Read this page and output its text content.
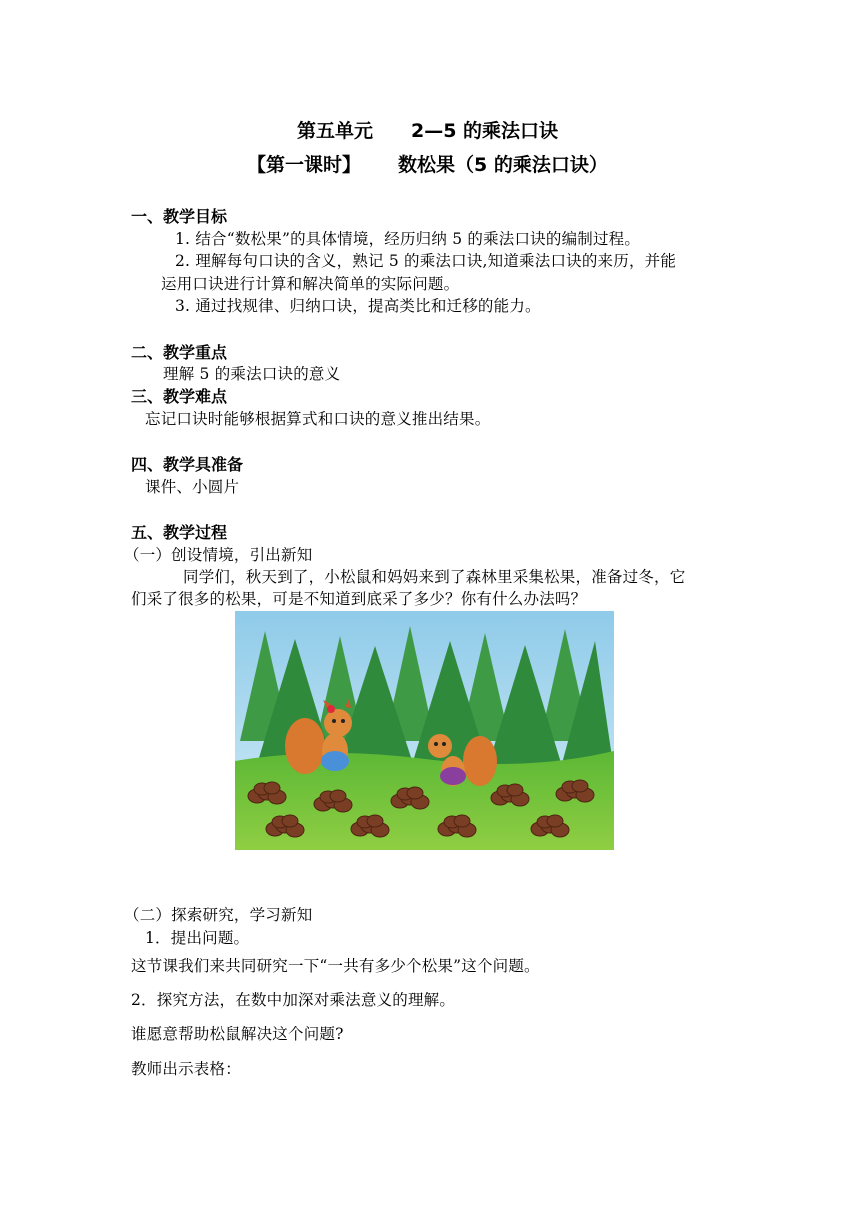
第五单元　　2—5 的乘法口诀
【第一课时】 数松果（5 的乘法口诀）
一、教学目标
1. 结合“数松果”的具体情境，经历归纳 5 的乘法口诀的编制过程。
2. 理解每句口诀的含义，熟记 5 的乘法口诀,知道乘法口诀的来历，并能
运用口诀进行计算和解决简单的实际问题。
3. 通过找规律、归纳口诀，提高类比和迁移的能力。
二、教学重点
理解 5 的乘法口诀的意义
三、教学难点
忘记口诀时能够根据算式和口诀的意义推出结果。
四、教学具准备
课件、小圆片
五、教学过程
（一）创设情境，引出新知
同学们，秋天到了，小松鼠和妈妈来到了森林里采集松果，准备过冬，它
们采了很多的松果，可是不知道到底采了多少？你有什么办法吗？
（二）探索研究，学习新知
1．提出问题。
这节课我们来共同研究一下“一共有多少个松果”这个问题。
2．探究方法，在数中加深对乘法意义的理解。
谁愿意帮助松鼠解决这个问题?
教师出示表格：
